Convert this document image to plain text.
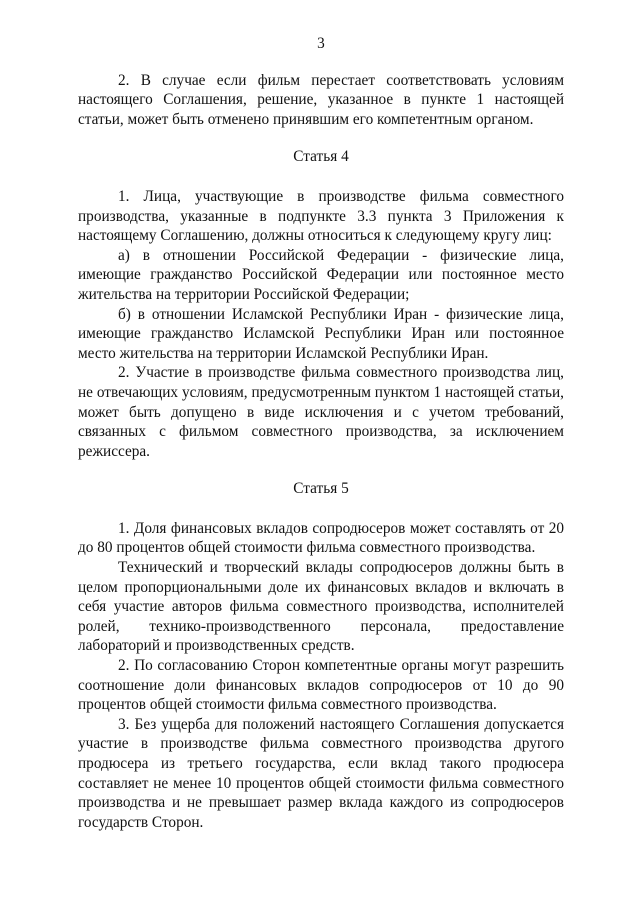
3

2. В случае если фильм перестает соответствовать условиям настоящего Соглашения, решение, указанное в пункте 1 настоящей статьи, может быть отменено принявшим его компетентным органом.

Статья 4

1. Лица, участвующие в производстве фильма совместного производства, указанные в подпункте 3.3 пункта 3 Приложения к настоящему Соглашению, должны относиться к следующему кругу лиц:

а) в отношении Российской Федерации - физические лица, имеющие гражданство Российской Федерации или постоянное место жительства на территории Российской Федерации;

б) в отношении Исламской Республики Иран - физические лица, имеющие гражданство Исламской Республики Иран или постоянное место жительства на территории Исламской Республики Иран.

2. Участие в производстве фильма совместного производства лиц, не отвечающих условиям, предусмотренным пунктом 1 настоящей статьи, может быть допущено в виде исключения и с учетом требований, связанных с фильмом совместного производства, за исключением режиссера.

Статья 5

1. Доля финансовых вкладов сопродюсеров может составлять от 20 до 80 процентов общей стоимости фильма совместного производства.

Технический и творческий вклады сопродюсеров должны быть в целом пропорциональными доле их финансовых вкладов и включать в себя участие авторов фильма совместного производства, исполнителей ролей, технико-производственного персонала, предоставление лабораторий и производственных средств.

2. По согласованию Сторон компетентные органы могут разрешить соотношение доли финансовых вкладов сопродюсеров от 10 до 90 процентов общей стоимости фильма совместного производства.

3. Без ущерба для положений настоящего Соглашения допускается участие в производстве фильма совместного производства другого продюсера из третьего государства, если вклад такого продюсера составляет не менее 10 процентов общей стоимости фильма совместного производства и не превышает размер вклада каждого из сопродюсеров государств Сторон.
